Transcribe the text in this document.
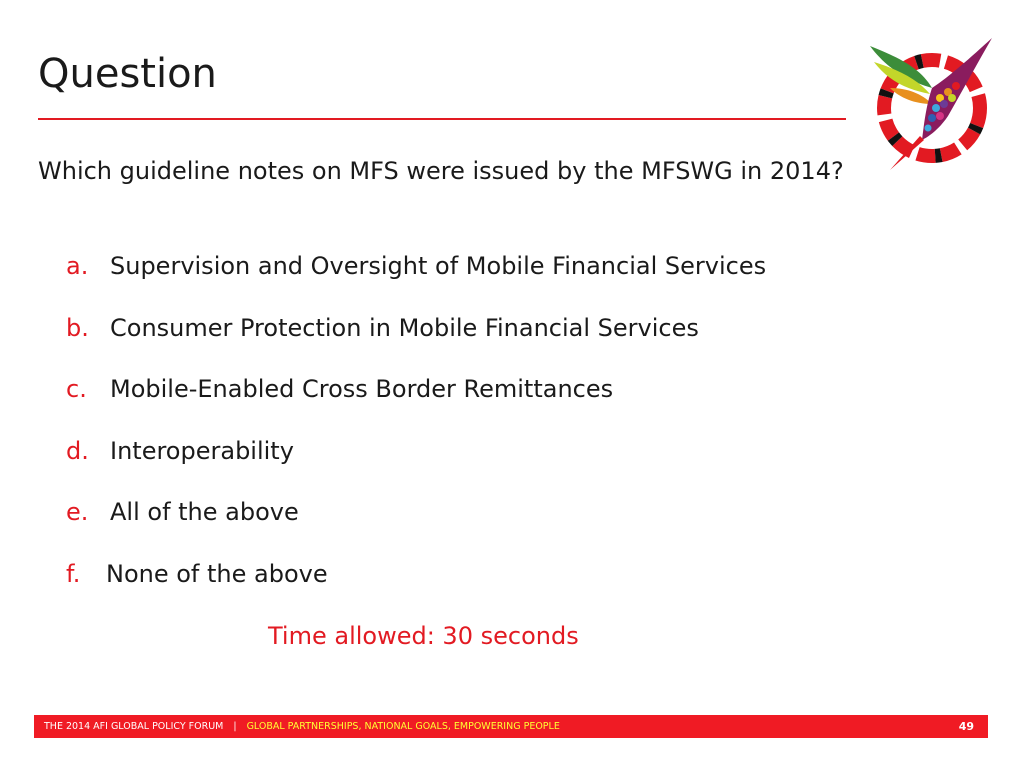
Question
Which guideline notes on MFS were issued by the MFSWG in 2014?
a. Supervision and Oversight of Mobile Financial Services
b. Consumer Protection in Mobile Financial Services
c. Mobile-Enabled Cross Border Remittances
d. Interoperability
e. All of the above
f.	None of the above
Time allowed: 30 seconds
THE 2014 AFI GLOBAL POLICY FORUM | GLOBAL PARTNERSHIPS, NATIONAL GOALS, EMPOWERING PEOPLE	49
